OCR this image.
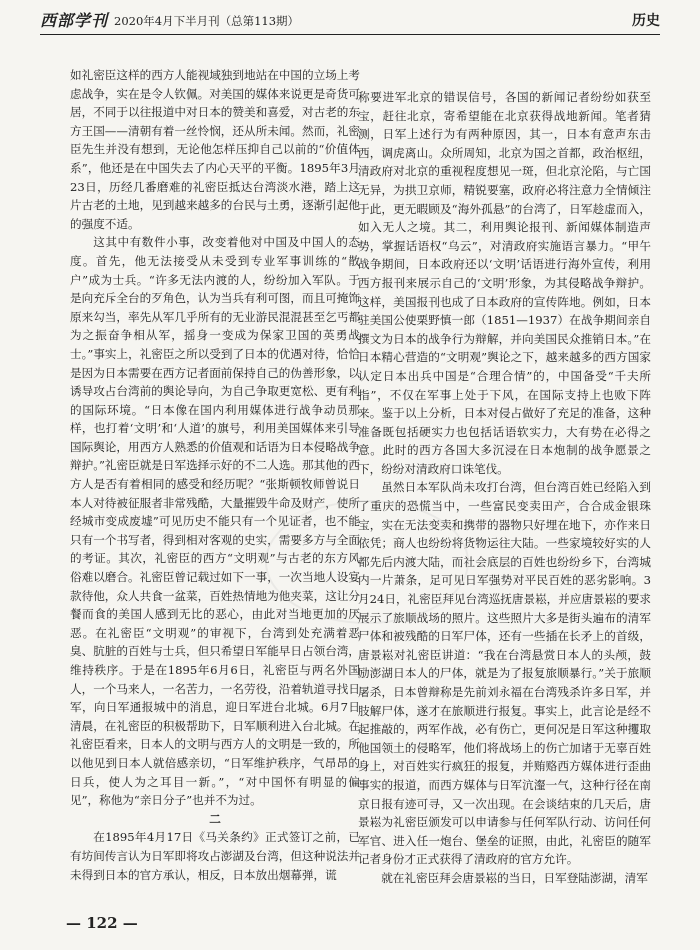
西部学刊 2020年4月下半月刊（总第113期）	历史

如礼密臣这样的西方人能视域独到地站在中国的立场上考虑战争，实在是令人钦佩。对美国的媒体来说更是奇货可居，不同于以往报道中对日本的赞美和喜爱，对古老的东方王国——清朝有着一丝怜悯，还从所未闻。然而，礼密臣先生并没有想到，无论他怎样压抑自己以前的“价值体系”，他还是在中国失去了内心天平的平衡。1895年3月23日，历经几番磨难的礼密臣抵达台湾淡水港，踏上这片古老的土地，见到越来越多的台民与土勇，逐渐引起他的强度不适。

这其中有数件小事，改变着他对中国及中国人的态度。首先，他无法接受从未受到专业军事训练的“散户”成为士兵。“许多无法内渡的人，纷纷加入军队。于是向充斥全台的歹角色，认为当兵有利可图，而且可掩饰原来勾当，率先从军几乎所有的无业游民混混甚至乞丐都为之振奋争相从军，摇身一变成为保家卫国的英勇战士。”事实上，礼密臣之所以受到了日本的优遇对待，恰恰是因为日本需要在西方记者面前保持自己的伪善形象，以诱导攻占台湾前的舆论导向，为自己争取更宽松、更有利的国际环境。“日本像在国内利用媒体进行战争动员那样，也打着‘文明’和‘人道’的旗号，利用美国媒体来引导国际舆论，用西方人熟悉的价值观和话语为日本侵略战争辩护。”礼密臣就是日军选择示好的不二人选。那其他的西方人是否有着相同的感受和经历呢？“张斯顿牧师曾说日本人对待被征服者非常残酷，大量摧毁牛命及财产，使所经城市变成废墟”可见历史不能只有一个见证者，也不能只有一个书写者，得到相对客观的史实，需要多方与全面的考证。其次，礼密臣的西方“文明观”与古老的东方风俗难以磨合。礼密臣曾记载过如下一事，一次当地人设宴款待他，众人共食一盆菜，百姓热情地为他夹菜，这让分餐而食的美国人感到无比的恶心，由此对当地更加的厌恶。在礼密臣“文明观”的审视下，台湾到处充满着恶臭、肮脏的百姓与士兵，但只希望日军能早日占领台湾，维持秩序。于是在1895年6月6日，礼密臣与两名外国人，一个马来人，一名苦力，一名劳役，沿着轨道寻找日军，向日军通报城中的消息，迎日军进台北城。6月7日清晨，在礼密臣的积极帮助下，日军顺利进入台北城。在礼密臣看来，日本人的文明与西方人的文明是一致的，所以他见到日本人就倍感亲切，“日军维护秩序，气昂昂的日兵，使人为之耳目一新。”，“对中国怀有明显的偏见”，称他为“亲日分子”也并不为过。

二

在1895年4月17日《马关条约》正式签订之前，已有坊间传言认为日军即将攻占澎湖及台湾，但这种说法并未得到日本的官方承认，相反，日本放出烟幕弹，谎

称要进军北京的错误信号，各国的新闻记者纷纷如获至宝，赶往北京，寄希望能在北京获得战地新闻。笔者猜测，日军上述行为有两种原因，其一，日本有意声东击西，调虎离山。众所周知，北京为国之首都，政治枢纽，清政府对北京的重视程度想见一斑，但北京沦陷，与亡国无异，为拱卫京师，精锐要塞，政府必将注意力全情倾注于此，更无暇顾及“海外孤悬”的台湾了，日军趁虚而入，如入无人之境。其二，利用舆论报刊、新闻媒体制造声势，掌握话语权“乌云”，对清政府实施语言暴力。“甲午战争期间，日本政府还以‘文明’话语进行海外宣传，利用西方报刊来展示自己的‘文明’形象，为其侵略战争辩护。这样，美国报刊也成了日本政府的宣传阵地。例如，日本驻美国公使栗野慎一郎（1851—1937）在战争期间亲自撰文为日本的战争行为辩解，并向美国民众推销日本。”在日本精心营造的“文明观”舆论之下，越来越多的西方国家认定日本出兵中国是“合理合情”的，中国备受“千夫所指”，不仅在军事上处于下风，在国际支持上也败下阵来。鉴于以上分析，日本对侵占做好了充足的准备，这种准备既包括硬实力也包括话语软实力，大有势在必得之意。此时的西方各国大多沉浸在日本炮制的战争愿景之下，纷纷对清政府口诛笔伐。

虽然日本军队尚未攻打台湾，但台湾百姓已经陷入到了重庆的恐慌当中，一些富民变卖田产，合合成金银珠宝，实在无法变卖和携带的器物只好埋在地下，亦作来日依凭；商人也纷纷将货物运往大陆。一些家境较好实的人都先后内渡大陆，而社会底层的百姓也纷纷乡下，台湾城内一片萧条，足可见日军强势对平民百姓的恶劣影响。3月24日，礼密臣拜见台湾巡抚唐景崧，并应唐景崧的要求展示了旅顺战场的照片。这些照片大多是街头遍布的清军尸体和被残酷的日军尸体，还有一些插在长矛上的首级，唐景崧对礼密臣讲道：“我在台湾悬赏日本人的头颅，鼓励澎湖日本人的尸体，就是为了报复旅顺暴行。”关于旅顺屠杀，日本曾辩称是先前刘永福在台湾残杀许多日军，并肢解尸体，遂才在旅顺进行报复。事实上，此言论是经不起推敲的，两军作战，必有伤亡，更何况是日军这种攫取他国领土的侵略军，他们将战场上的伤亡加诸于无辜百姓身上，对百姓实行疯狂的报复，并贿赂西方媒体进行歪曲事实的报道，而西方媒体与日军沆瀣一气，这种行径在南京日报有迹可寻，又一次出现。在会谈结束的几天后，唐景崧为礼密臣颁发可以申请参与任何军队行动、访问任何军官、进入任一炮台、堡垒的证照，由此，礼密臣的随军记者身份才正式获得了清政府的官方允许。

就在礼密臣拜会唐景崧的当日，日军登陆澎湖，清军

— 122 —
